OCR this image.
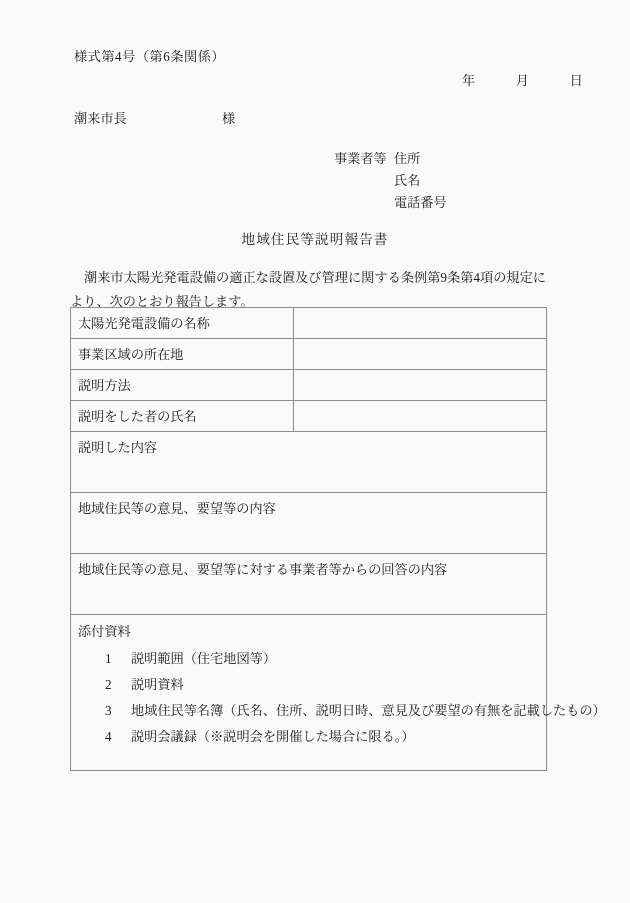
様式第4号（第6条関係）
年	月	日
潮来市長	様
事業者等 住所
氏名
電話番号
地域住民等説明報告書
潮来市太陽光発電設備の適正な設置及び管理に関する条例第9条第4項の規定により、次のとおり報告します。
太陽光発電設備の名称	

事業区域の所在地	

説明方法	

説明をした者の氏名	

説明した内容	

地域住民等の意見、要望等の内容	

地域住民等の意見、要望等に対する事業者等からの回答の内容	

添付資料
1 説明範囲（住宅地図等）
2 説明資料
3 地域住民等名簿（氏名、住所、説明日時、意見及び要望の有無を記載したもの）
4 説明会議録（※説明会を開催した場合に限る。）
